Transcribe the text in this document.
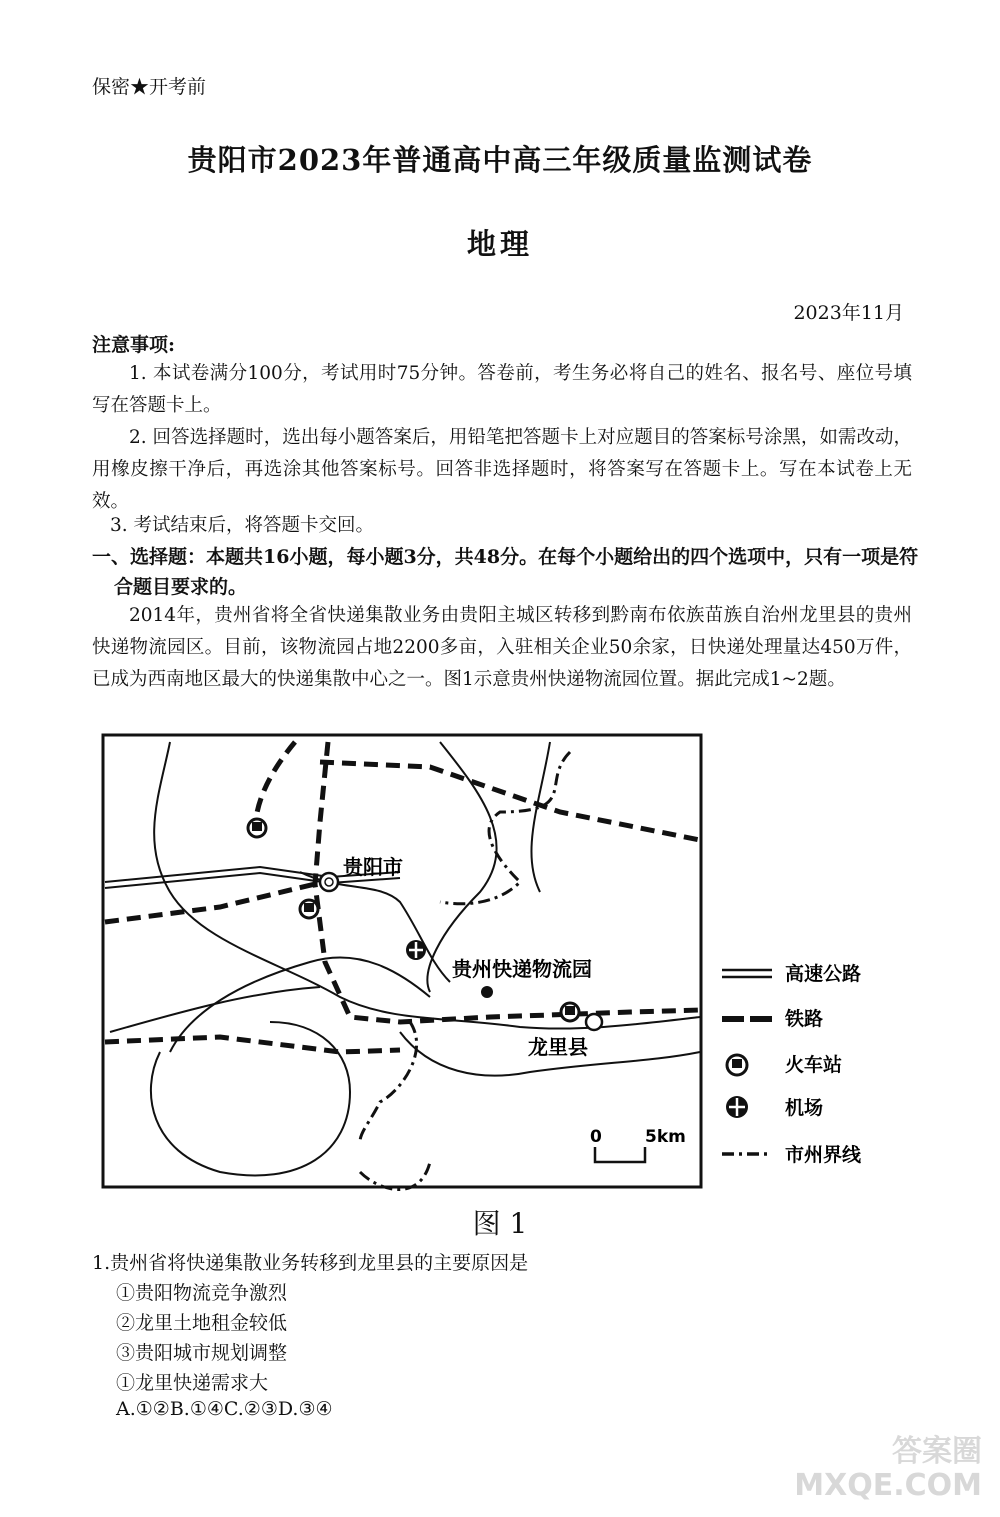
保密★开考前
贵阳市2023年普通高中高三年级质量监测试卷
地理
2023年11月
注意事项:
1. 本试卷满分100分，考试用时75分钟。答卷前，考生务必将自己的姓名、报名号、座位号填写在答题卡上。
2. 回答选择题时，选出每小题答案后，用铅笔把答题卡上对应题目的答案标号涂黑，如需改动，用橡皮擦干净后，再选涂其他答案标号。回答非选择题时，将答案写在答题卡上。写在本试卷上无效。
3. 考试结束后，将答题卡交回。
一、选择题：本题共16小题，每小题3分，共48分。在每个小题给出的四个选项中，只有一项是符合题目要求的。
2014年，贵州省将全省快递集散业务由贵阳主城区转移到黔南布依族苗族自治州龙里县的贵州快递物流园区。目前，该物流园占地2200多亩，入驻相关企业50余家，日快递处理量达450万件，已成为西南地区最大的快递集散中心之一。图1示意贵州快递物流园位置。据此完成1~2题。
贵阳市
贵州快递物流园
龙里县
0	5km
高速公路
铁路
火车站
机场
市州界线
图 1
1.贵州省将快递集散业务转移到龙里县的主要原因是
①贵阳物流竞争激烈
②龙里土地租金较低
③贵阳城市规划调整
①龙里快递需求大
A.①②B.①④C.②③D.③④
答案圈
MXQE.COM
